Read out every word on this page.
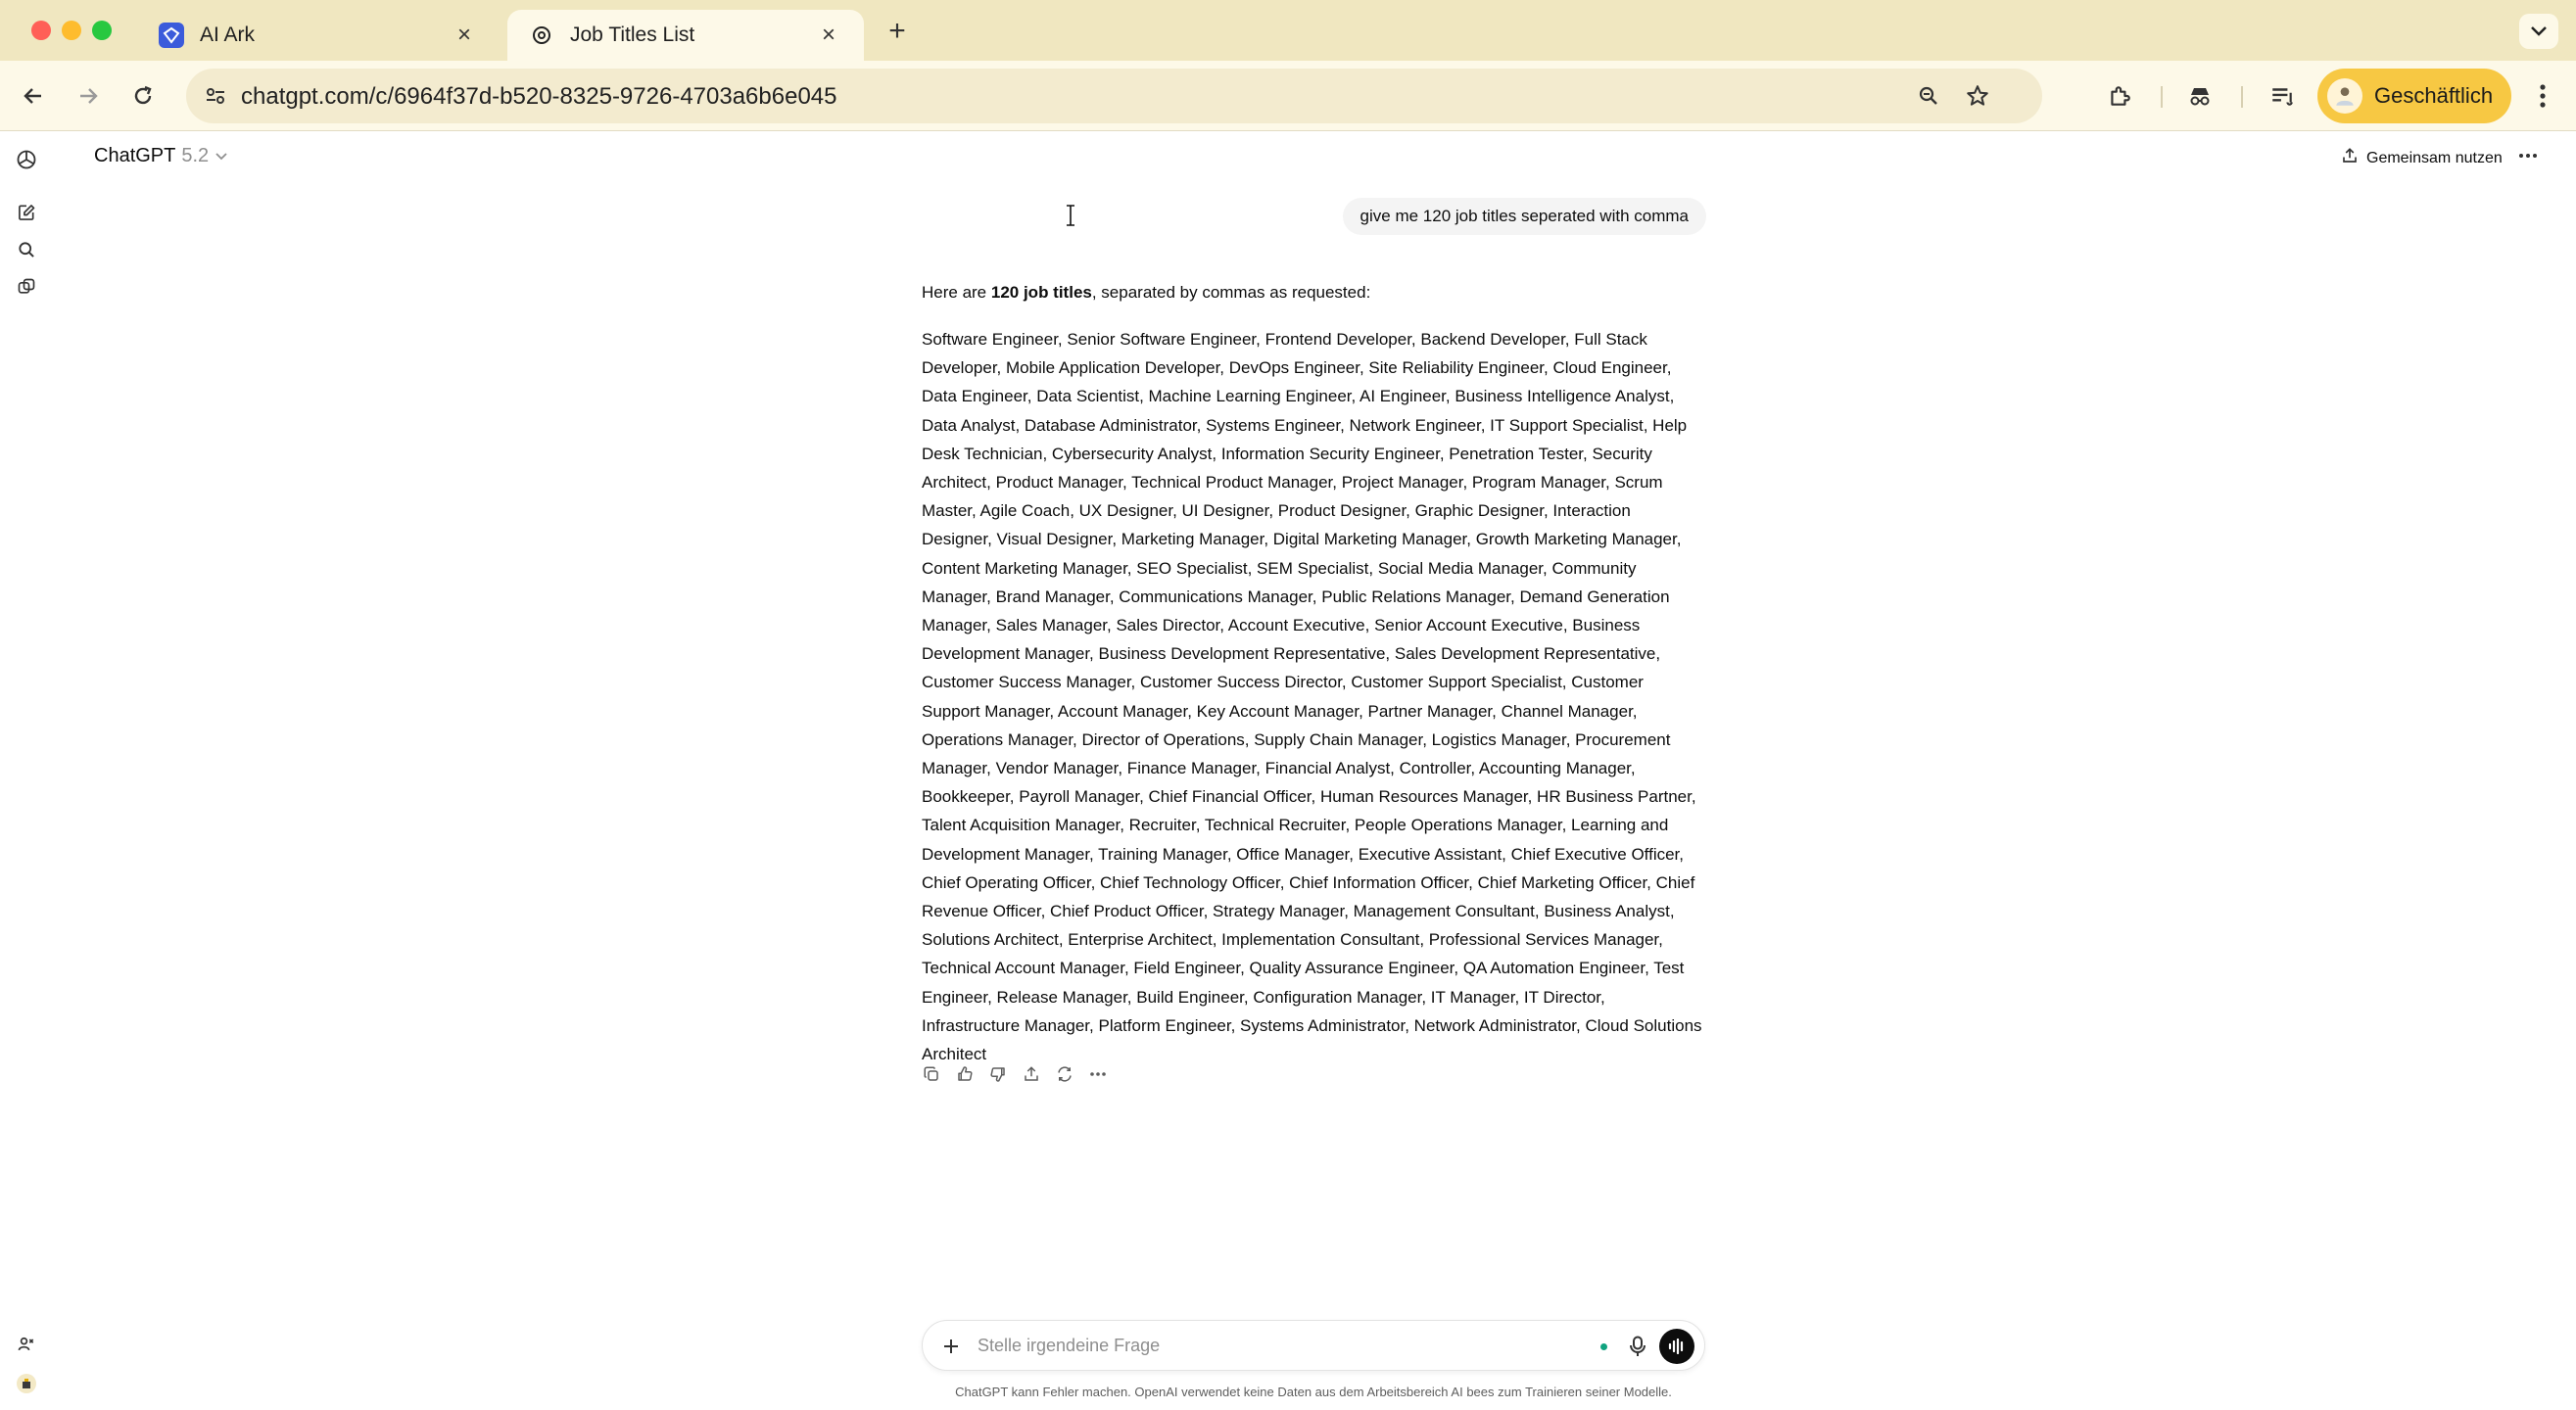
AI Ark	×	Job Titles List	×	+
chatgpt.com/c/6964f37d-b520-8325-9726-4703a6b6e045	Geschäftlich
ChatGPT 5.2	Gemeinsam nutzen
give me 120 job titles seperated with comma

Here are 120 job titles, separated by commas as requested:

Software Engineer, Senior Software Engineer, Frontend Developer, Backend Developer, Full Stack Developer, Mobile Application Developer, DevOps Engineer, Site Reliability Engineer, Cloud Engineer, Data Engineer, Data Scientist, Machine Learning Engineer, AI Engineer, Business Intelligence Analyst, Data Analyst, Database Administrator, Systems Engineer, Network Engineer, IT Support Specialist, Help Desk Technician, Cybersecurity Analyst, Information Security Engineer, Penetration Tester, Security Architect, Product Manager, Technical Product Manager, Project Manager, Program Manager, Scrum Master, Agile Coach, UX Designer, UI Designer, Product Designer, Graphic Designer, Interaction Designer, Visual Designer, Marketing Manager, Digital Marketing Manager, Growth Marketing Manager, Content Marketing Manager, SEO Specialist, SEM Specialist, Social Media Manager, Community Manager, Brand Manager, Communications Manager, Public Relations Manager, Demand Generation Manager, Sales Manager, Sales Director, Account Executive, Senior Account Executive, Business Development Manager, Business Development Representative, Sales Development Representative, Customer Success Manager, Customer Success Director, Customer Support Specialist, Customer Support Manager, Account Manager, Key Account Manager, Partner Manager, Channel Manager, Operations Manager, Director of Operations, Supply Chain Manager, Logistics Manager, Procurement Manager, Vendor Manager, Finance Manager, Financial Analyst, Controller, Accounting Manager, Bookkeeper, Payroll Manager, Chief Financial Officer, Human Resources Manager, HR Business Partner, Talent Acquisition Manager, Recruiter, Technical Recruiter, People Operations Manager, Learning and Development Manager, Training Manager, Office Manager, Executive Assistant, Chief Executive Officer, Chief Operating Officer, Chief Technology Officer, Chief Information Officer, Chief Marketing Officer, Chief Revenue Officer, Chief Product Officer, Strategy Manager, Management Consultant, Business Analyst, Solutions Architect, Enterprise Architect, Implementation Consultant, Professional Services Manager, Technical Account Manager, Field Engineer, Quality Assurance Engineer, QA Automation Engineer, Test Engineer, Release Manager, Build Engineer, Configuration Manager, IT Manager, IT Director, Infrastructure Manager, Platform Engineer, Systems Administrator, Network Administrator, Cloud Solutions Architect

Stelle irgendeine Frage
ChatGPT kann Fehler machen. OpenAI verwendet keine Daten aus dem Arbeitsbereich AI bees zum Trainieren seiner Modelle.
